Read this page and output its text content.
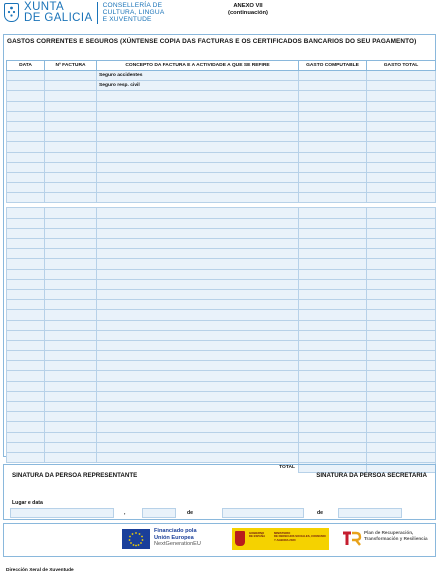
XUNTA
DE GALICIA
CONSELLERÍA DE
CULTURA, LINGUA
E XUVENTUDE
ANEXO VII
(continuación)
GASTOS CORRENTES E SEGUROS (XÚNTENSE COPIA DAS FACTURAS E OS CERTIFICADOS BANCARIOS DO SEU PAGAMENTO)
DATA	Nº FACTURA	CONCEPTO DA FACTURA E A ACTIVIDADE A QUE SE REFIRE	GASTO COMPUTABLE	GASTO TOTAL
		Seguro accidentes		
		Seguro resp. civil		

TOTAL				
SINATURA DA PERSOA REPRESENTANTE	SINATURA DA PERSOA SECRETARIA
Lugar e data
,	de	de
Financiado pola
Unión Europea
NextGenerationEU
GOBIERNO
DE ESPAÑA
MINISTERIO
DE DERECHOS SOCIALES, CONSUMO
Y AGENDA 2030
Plan de Recuperación,
Transformación y Resiliencia
Dirección Xeral de Xuventude
